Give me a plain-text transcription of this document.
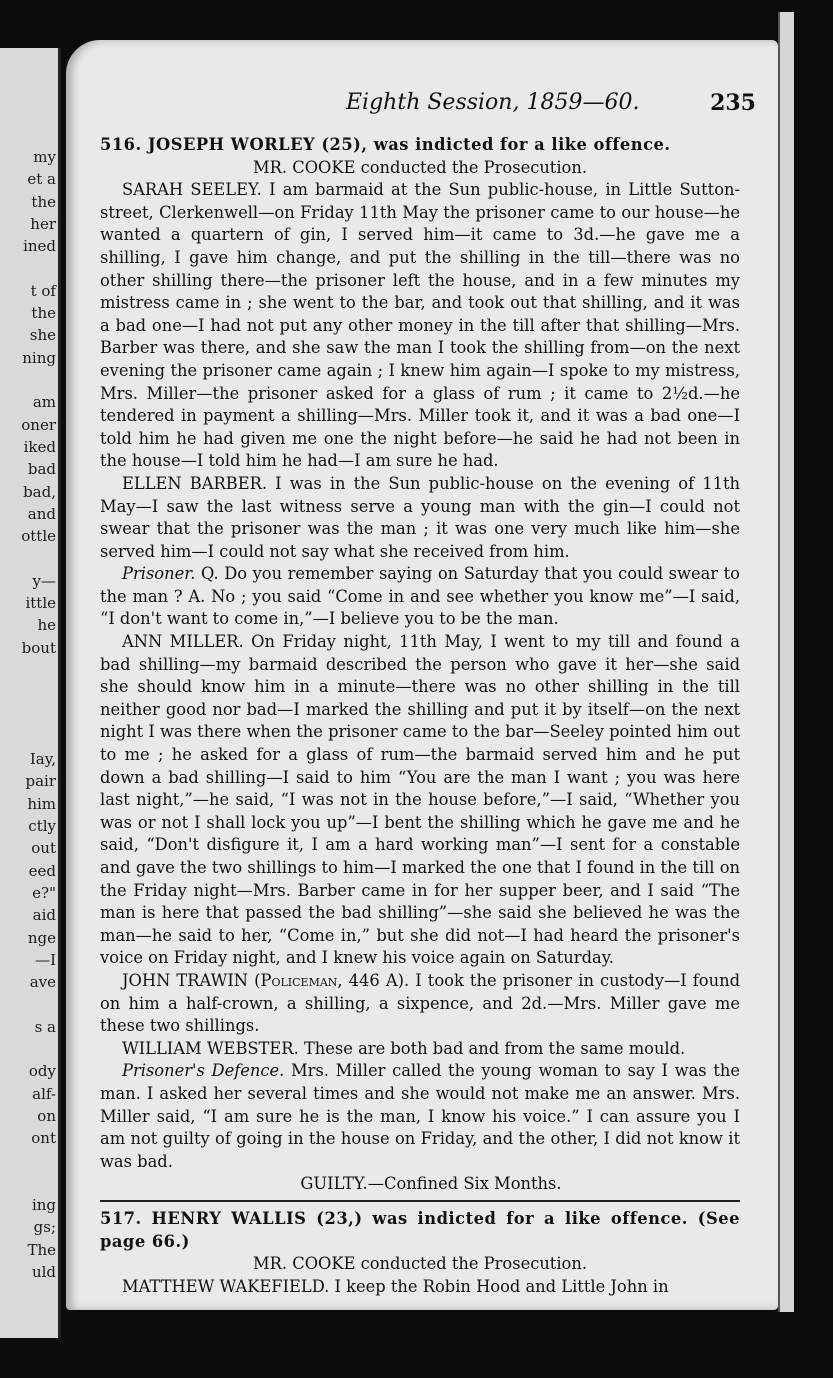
my
et a
the
her
ined
t of
the
she
ning
am
oner
iked
bad
bad,
and
ottle
y—
ittle
he
bout
Iay,
pair
him
ctly
out
eed
e?"
aid
nge
—I
ave
s a
ody
alf-
on
ont
ing
gs;
The
uld
Eighth Session, 1859—60.	235

516. JOSEPH WORLEY (25), was indicted for a like offence.

MR. COOKE conducted the Prosecution.

SARAH SEELEY. I am barmaid at the Sun public-house, in Little Sutton-street, Clerkenwell—on Friday 11th May the prisoner came to our house—he wanted a quartern of gin, I served him—it came to 3d.—he gave me a shilling, I gave him change, and put the shilling in the till—there was no other shilling there—the prisoner left the house, and in a few minutes my mistress came in ; she went to the bar, and took out that shilling, and it was a bad one—I had not put any other money in the till after that shilling—Mrs. Barber was there, and she saw the man I took the shilling from—on the next evening the prisoner came again ; I knew him again—I spoke to my mistress, Mrs. Miller—the prisoner asked for a glass of rum ; it came to 2½d.—he tendered in payment a shilling—Mrs. Miller took it, and it was a bad one—I told him he had given me one the night before—he said he had not been in the house—I told him he had—I am sure he had.

ELLEN BARBER. I was in the Sun public-house on the evening of 11th May—I saw the last witness serve a young man with the gin—I could not swear that the prisoner was the man ; it was one very much like him—she served him—I could not say what she received from him.

Prisoner. Q. Do you remember saying on Saturday that you could swear to the man ? A. No ; you said “Come in and see whether you know me”—I said, “I don't want to come in,”—I believe you to be the man.

ANN MILLER. On Friday night, 11th May, I went to my till and found a bad shilling—my barmaid described the person who gave it her—she said she should know him in a minute—there was no other shilling in the till neither good nor bad—I marked the shilling and put it by itself—on the next night I was there when the prisoner came to the bar—Seeley pointed him out to me ; he asked for a glass of rum—the barmaid served him and he put down a bad shilling—I said to him “You are the man I want ; you was here last night,”—he said, “I was not in the house before,”—I said, “Whether you was or not I shall lock you up”—I bent the shilling which he gave me and he said, “Don't disfigure it, I am a hard working man”—I sent for a constable and gave the two shillings to him—I marked the one that I found in the till on the Friday night—Mrs. Barber came in for her supper beer, and I said “The man is here that passed the bad shilling”—she said she believed he was the man—he said to her, “Come in,” but she did not—I had heard the prisoner's voice on Friday night, and I knew his voice again on Saturday.

JOHN TRAWIN (Policeman, 446 A). I took the prisoner in custody—I found on him a half-crown, a shilling, a sixpence, and 2d.—Mrs. Miller gave me these two shillings.

WILLIAM WEBSTER. These are both bad and from the same mould.

Prisoner's Defence. Mrs. Miller called the young woman to say I was the man. I asked her several times and she would not make me an answer. Mrs. Miller said, “I am sure he is the man, I know his voice.” I can assure you I am not guilty of going in the house on Friday, and the other, I did not know it was bad.

GUILTY.—Confined Six Months.

517. HENRY WALLIS (23,) was indicted for a like offence. (See page 66.)

MR. COOKE conducted the Prosecution.

MATTHEW WAKEFIELD. I keep the Robin Hood and Little John in
